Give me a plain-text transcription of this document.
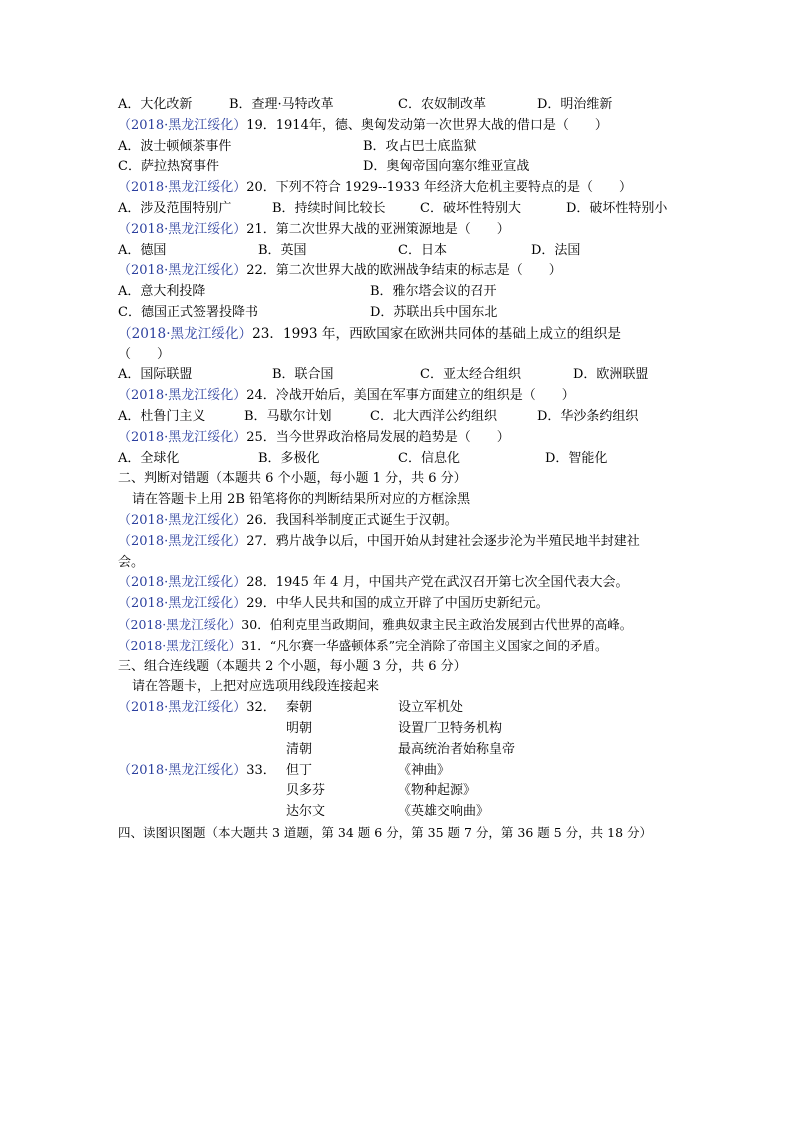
A．大化改新	B．查理·马特改革	C．农奴制改革	D．明治维新
（2018·黑龙江绥化）19．1914年，德、奥匈发动第一次世界大战的借口是（　　）
A．波士顿倾茶事件	B．攻占巴士底监狱
C．萨拉热窝事件	D．奥匈帝国向塞尔维亚宣战
（2018·黑龙江绥化）20．下列不符合 1929--1933 年经济大危机主要特点的是（　　）
A．涉及范围特别广	B．持续时间比较长	C．破坏性特别大	D．破坏性特别小
（2018·黑龙江绥化）21．第二次世界大战的亚洲策源地是（　　）
A．德国	B．英国	C．日本	D．法国
（2018·黑龙江绥化）22．第二次世界大战的欧洲战争结束的标志是（　　）
A．意大利投降	B．雅尔塔会议的召开
C．德国正式签署投降书	D．苏联出兵中国东北
（2018·黑龙江绥化）23．1993 年，西欧国家在欧洲共同体的基础上成立的组织是
（　　）
A．国际联盟	B．联合国	C．亚太经合组织	D．欧洲联盟
（2018·黑龙江绥化）24．冷战开始后，美国在军事方面建立的组织是（　　）
A．杜鲁门主义	B．马歇尔计划	C．北大西洋公约组织	D．华沙条约组织
（2018·黑龙江绥化）25．当今世界政治格局发展的趋势是（　　）
A．全球化	B．多极化	C．信息化	D．智能化
二、判断对错题（本题共 6 个小题，每小题 1 分，共 6 分）
请在答题卡上用 2B 铅笔将你的判断结果所对应的方框涂黑
（2018·黑龙江绥化）26．我国科举制度正式诞生于汉朝。
（2018·黑龙江绥化）27．鸦片战争以后，中国开始从封建社会逐步沦为半殖民地半封建社
会。
（2018·黑龙江绥化）28．1945 年 4 月，中国共产党在武汉召开第七次全国代表大会。
（2018·黑龙江绥化）29．中华人民共和国的成立开辟了中国历史新纪元。
（2018·黑龙江绥化）30．伯利克里当政期间，雅典奴隶主民主政治发展到古代世界的高峰。
（2018·黑龙江绥化）31．“凡尔赛一华盛顿体系”完全消除了帝国主义国家之间的矛盾。
三、组合连线题（本题共 2 个小题，每小题 3 分，共 6 分）
请在答题卡，上把对应选项用线段连接起来
（2018·黑龙江绥化）32． 秦朝	设立军机处
明朝	设置厂卫特务机构
清朝	最高统治者始称皇帝
（2018·黑龙江绥化）33． 但丁	《神曲》
贝多芬	《物种起源》
达尔文	《英雄交响曲》
四、读图识图题（本大题共 3 道题，第 34 题 6 分，第 35 题 7 分，第 36 题 5 分，共 18 分）
